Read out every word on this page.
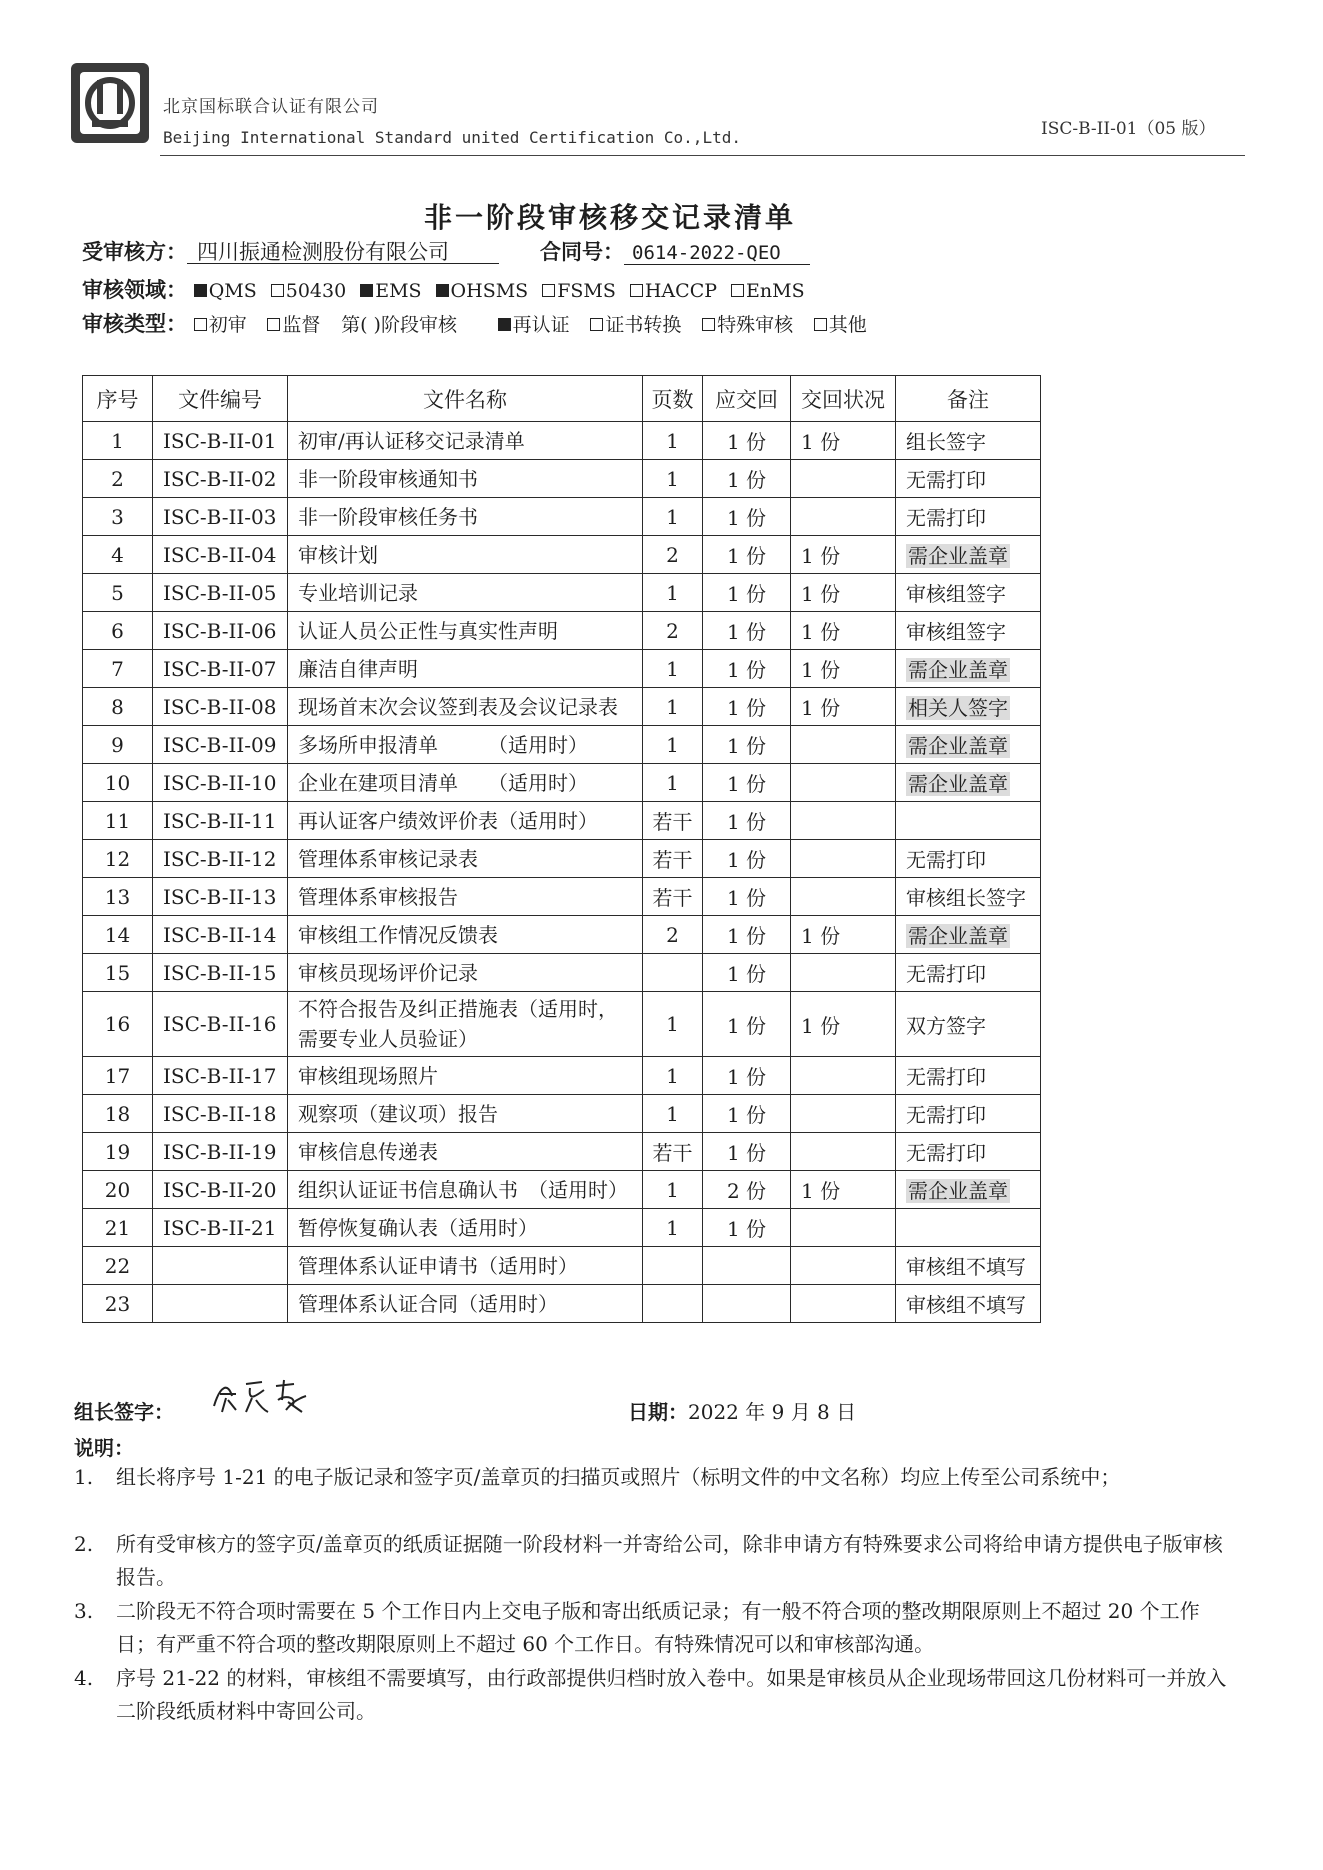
北京国标联合认证有限公司
Beijing International Standard united Certification Co.,Ltd.	ISC-B-II-01（05 版）
非一阶段审核移交记录清单
受审核方： 四川振通检测股份有限公司	合同号： 0614-2022-QEO
审核领域： QMS 50430 EMS OHSMS FSMS HACCP EnMS
审核类型： 初审 监督 第( )阶段审核	再认证 证书转换 特殊审核 其他
序号	文件编号	文件名称	页数	应交回	交回状况	备注
1	ISC-B-II-01	初审/再认证移交记录清单	1	1 份	1 份	组长签字
2	ISC-B-II-02	非一阶段审核通知书	1	1 份		无需打印
3	ISC-B-II-03	非一阶段审核任务书	1	1 份		无需打印
4	ISC-B-II-04	审核计划	2	1 份	1 份	需企业盖章
5	ISC-B-II-05	专业培训记录	1	1 份	1 份	审核组签字
6	ISC-B-II-06	认证人员公正性与真实性声明	2	1 份	1 份	审核组签字
7	ISC-B-II-07	廉洁自律声明	1	1 份	1 份	需企业盖章
8	ISC-B-II-08	现场首末次会议签到表及会议记录表	1	1 份	1 份	相关人签字
9	ISC-B-II-09	多场所申报清单　　　（适用时）	1	1 份		需企业盖章
10	ISC-B-II-10	企业在建项目清单　　（适用时）	1	1 份		需企业盖章
11	ISC-B-II-11	再认证客户绩效评价表（适用时）	若干	1 份		
12	ISC-B-II-12	管理体系审核记录表	若干	1 份		无需打印
13	ISC-B-II-13	管理体系审核报告	若干	1 份		审核组长签字
14	ISC-B-II-14	审核组工作情况反馈表	2	1 份	1 份	需企业盖章
15	ISC-B-II-15	审核员现场评价记录		1 份		无需打印
16	ISC-B-II-16	不符合报告及纠正措施表（适用时，需要专业人员验证）	1	1 份	1 份	双方签字
17	ISC-B-II-17	审核组现场照片	1	1 份		无需打印
18	ISC-B-II-18	观察项（建议项）报告	1	1 份		无需打印
19	ISC-B-II-19	审核信息传递表	若干	1 份		无需打印
20	ISC-B-II-20	组织认证证书信息确认书　（适用时）	1	2 份	1 份	需企业盖章
21	ISC-B-II-21	暂停恢复确认表（适用时）	1	1 份		
22		管理体系认证申请书（适用时）				审核组不填写
23		管理体系认证合同（适用时）				审核组不填写
组长签字：	日期：2022 年 9 月 8 日
说明：
1. 组长将序号 1-21 的电子版记录和签字页/盖章页的扫描页或照片（标明文件的中文名称）均应上传至公司系统中；
2. 所有受审核方的签字页/盖章页的纸质证据随一阶段材料一并寄给公司，除非申请方有特殊要求公司将给申请方提供电子版审核报告。
3. 二阶段无不符合项时需要在 5 个工作日内上交电子版和寄出纸质记录；有一般不符合项的整改期限原则上不超过 20 个工作日；有严重不符合项的整改期限原则上不超过 60 个工作日。有特殊情况可以和审核部沟通。
4. 序号 21-22 的材料，审核组不需要填写，由行政部提供归档时放入卷中。如果是审核员从企业现场带回这几份材料可一并放入二阶段纸质材料中寄回公司。
